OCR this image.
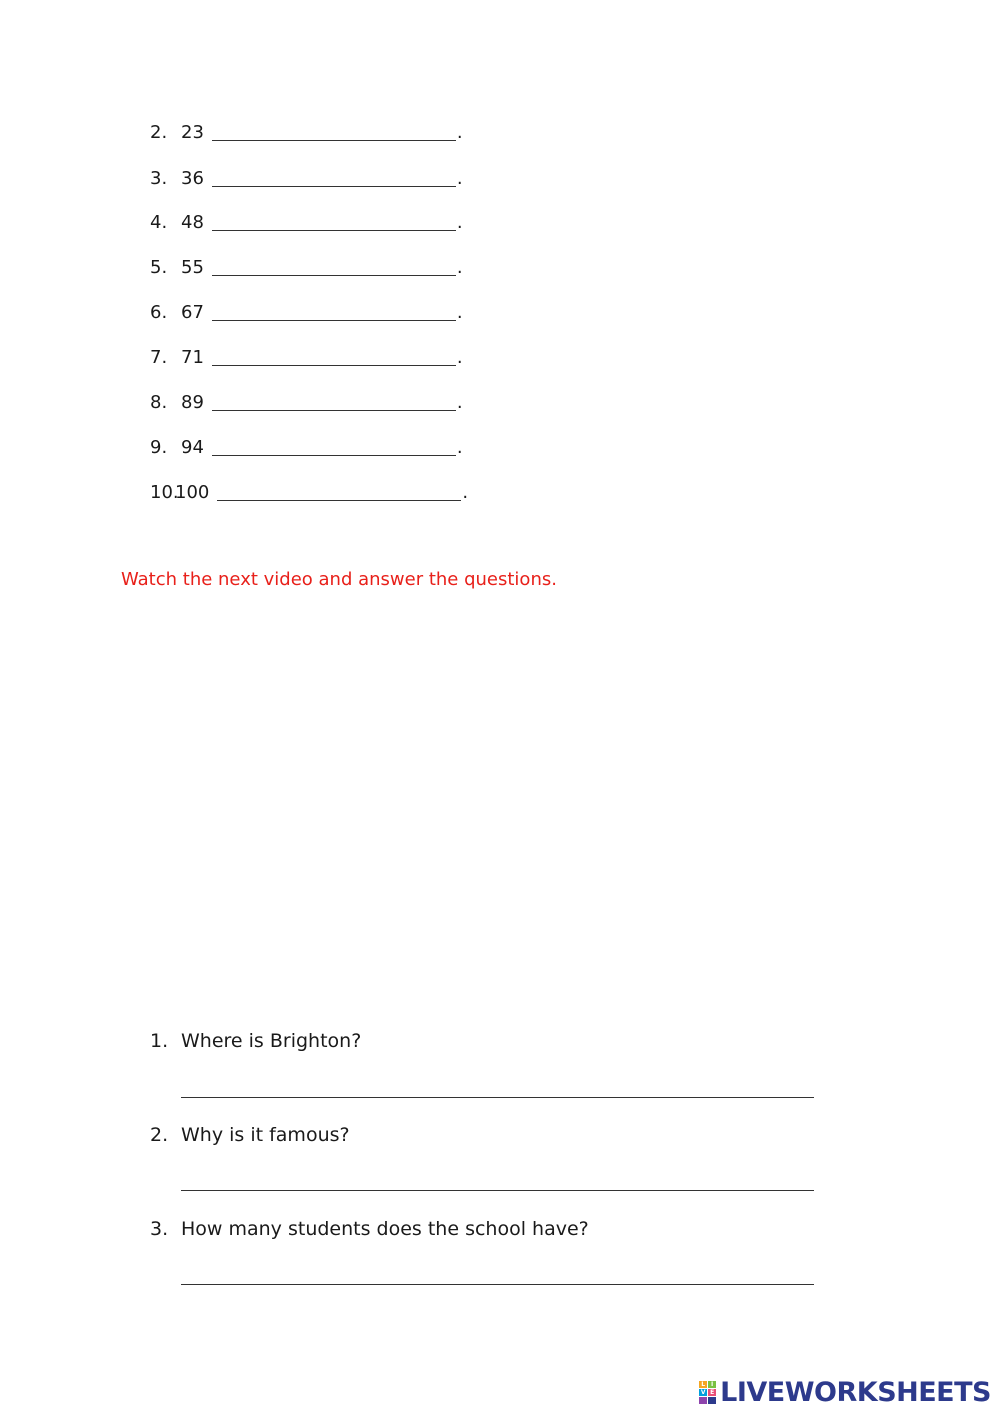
2. 23	.
3. 36	.
4. 48	.
5. 55	.
6. 67	.
7. 71	.
8. 89	.
9. 94	.
10.
100	.
Watch the next video and answer the questions.
1. Where is Brighton?
2. Why is it famous?
3. How many students does the school have?
L I
V E LIVEWORKSHEETS
